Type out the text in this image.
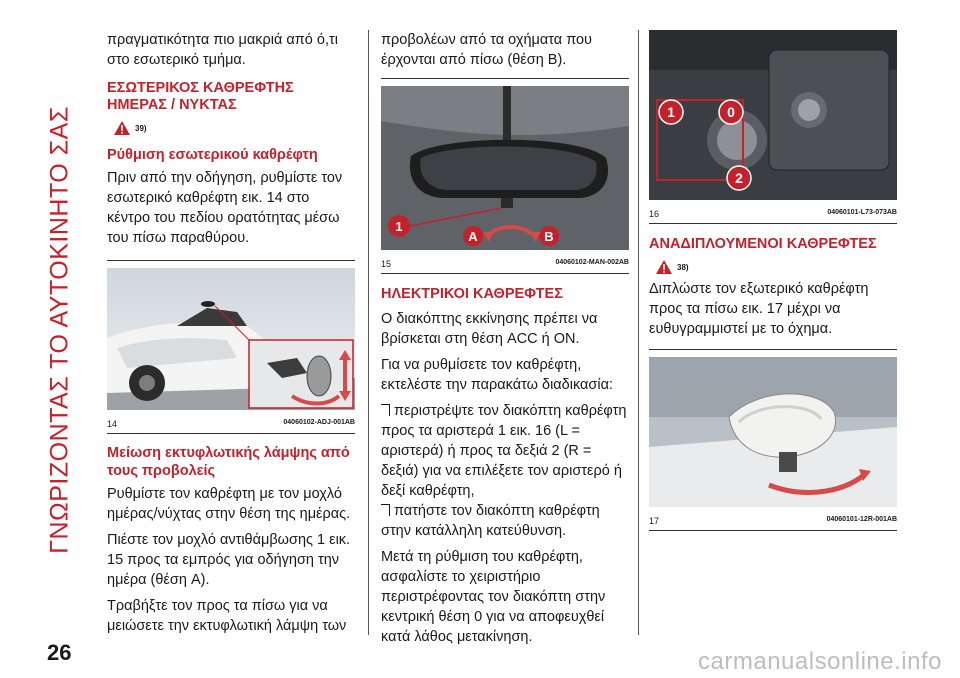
ΓΝΩΡΙΖΟΝΤΑΣ ΤΟ ΑΥΤΟΚΙΝΗΤΟ ΣΑΣ

πραγματικότητα πιο μακριά από ό,τι στο εσωτερικό τμήμα.

ΕΣΩΤΕΡΙΚΟΣ ΚΑΘΡΕΦΤΗΣ ΗΜΕΡΑΣ / ΝΥΚΤΑΣ
39)
Ρύθμιση εσωτερικού καθρέφτη

Πριν από την οδήγηση, ρυθμίστε τον εσωτερικό καθρέφτη εικ. 14 στο κέντρο του πεδίου ορατότητας μέσω του πίσω παραθύρου.

14	04060102-ADJ-001AB
Μείωση εκτυφλωτικής λάμψης από τους προβολείς

Ρυθμίστε τον καθρέφτη με τον μοχλό ημέρας/νύχτας στην θέση της ημέρας.

Πιέστε τον μοχλό αντιθάμβωσης 1 εικ. 15 προς τα εμπρός για οδήγηση την ημέρα (θέση A).

Τραβήξτε τον προς τα πίσω για να μειώσετε την εκτυφλωτική λάμψη των

προβολέων από τα οχήματα που έρχονται από πίσω (θέση B).

1
A	B
15	04060102-MAN-002AB
ΗΛΕΚΤΡΙΚΟΙ ΚΑΘΡΕΦΤΕΣ

Ο διακόπτης εκκίνησης πρέπει να βρίσκεται στη θέση ACC ή ON.

Για να ρυθμίσετε τον καθρέφτη, εκτελέστε την παρακάτω διαδικασία:

περιστρέψτε τον διακόπτη καθρέφτη προς τα αριστερά 1 εικ. 16 (L = αριστερά) ή προς τα δεξιά 2 (R = δεξιά) για να επιλέξετε τον αριστερό ή δεξί καθρέφτη,

πατήστε τον διακόπτη καθρέφτη στην κατάλληλη κατεύθυνση.

Μετά τη ρύθμιση του καθρέφτη, ασφαλίστε το χειριστήριο περιστρέφοντας τον διακόπτη στην κεντρική θέση 0 για να αποφευχθεί κατά λάθος μετακίνηση.

1	0
2
16	04060101-L73-073AB
ΑΝΑΔΙΠΛΟΥΜΕΝΟΙ ΚΑΘΡΕΦΤΕΣ
38)

Διπλώστε τον εξωτερικό καθρέφτη προς τα πίσω εικ. 17 μέχρι να ευθυγραμμιστεί με το όχημα.

17	04060101-12R-001AB
26	carmanualsonline.info
